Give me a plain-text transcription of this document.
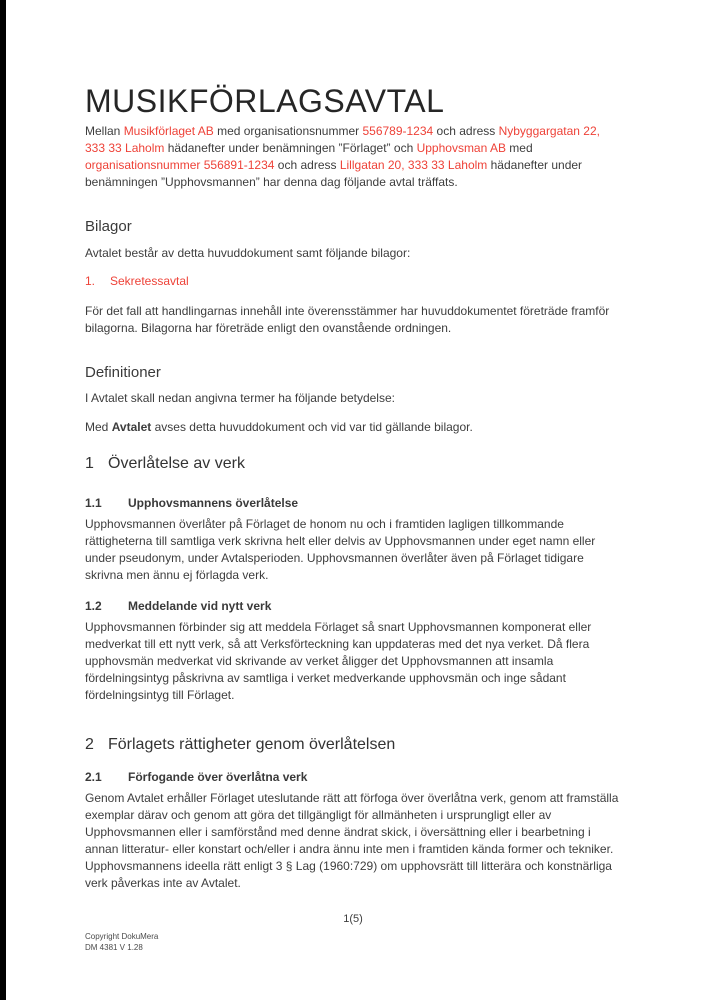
MUSIKFÖRLAGSAVTAL

Mellan Musikförlaget AB med organisationsnummer 556789-1234 och adress Nybyggargatan 22, 333 33 Laholm hädanefter under benämningen ”Förlaget” och Upphovsman AB med organisationsnummer 556891-1234 och adress Lillgatan 20, 333 33 Laholm hädanefter under benämningen ”Upphovsmannen” har denna dag följande avtal träffats.

Bilagor

Avtalet består av detta huvuddokument samt följande bilagor:

1. Sekretessavtal

För det fall att handlingarnas innehåll inte överensstämmer har huvuddokumentet företräde framför bilagorna. Bilagorna har företräde enligt den ovanstående ordningen.

Definitioner

I Avtalet skall nedan angivna termer ha följande betydelse:

Med Avtalet avses detta huvuddokument och vid var tid gällande bilagor.

1 Överlåtelse av verk
1.1 Upphovsmannens överlåtelse

Upphovsmannen överlåter på Förlaget de honom nu och i framtiden lagligen tillkommande rättigheterna till samtliga verk skrivna helt eller delvis av Upphovsmannen under eget namn eller under pseudonym, under Avtalsperioden. Upphovsmannen överlåter även på Förlaget tidigare skrivna men ännu ej förlagda verk.

1.2 Meddelande vid nytt verk

Upphovsmannen förbinder sig att meddela Förlaget så snart Upphovsmannen komponerat eller medverkat till ett nytt verk, så att Verksförteckning kan uppdateras med det nya verket. Då flera upphovsmän medverkat vid skrivande av verket åligger det Upphovsmannen att insamla fördelningsintyg påskrivna av samtliga i verket medverkande upphovsmän och inge sådant fördelningsintyg till Förlaget.

2 Förlagets rättigheter genom överlåtelsen
2.1 Förfogande över överlåtna verk

Genom Avtalet erhåller Förlaget uteslutande rätt att förfoga över överlåtna verk, genom att framställa exemplar därav och genom att göra det tillgängligt för allmänheten i ursprungligt eller av Upphovsmannen eller i samförstånd med denne ändrat skick, i översättning eller i bearbetning i annan litteratur- eller konstart och/eller i andra ännu inte men i framtiden kända former och tekniker. Upphovsmannens ideella rätt enligt 3 § Lag (1960:729) om upphovsrätt till litterära och konstnärliga verk påverkas inte av Avtalet.

1(5)
Copyright DokuMera
DM 4381 V 1.28
